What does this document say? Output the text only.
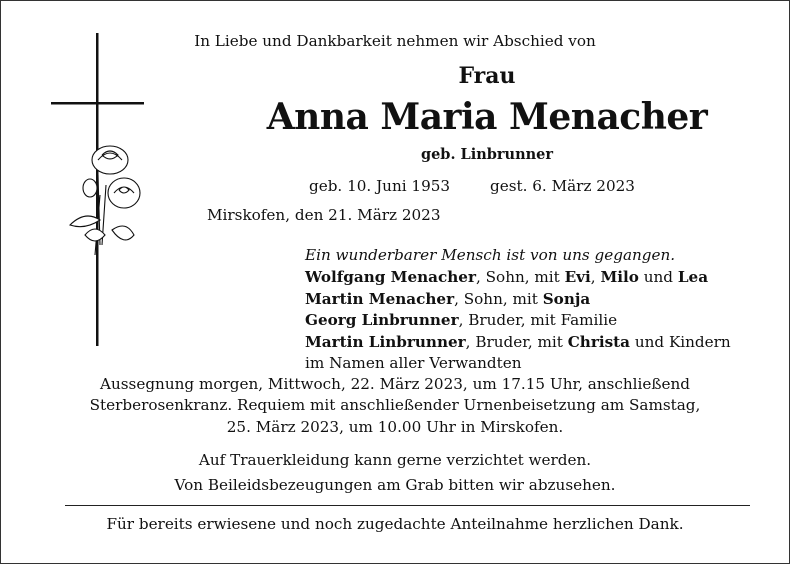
In Liebe und Dankbarkeit nehmen wir Abschied von
Frau
Anna Maria Menacher
geb. Linbrunner
geb. 10. Juni 1953	gest. 6. März 2023
Mirskofen, den 21. März 2023
Ein wunderbarer Mensch ist von uns gegangen.
Wolfgang Menacher, Sohn, mit Evi, Milo und Lea
Martin Menacher, Sohn, mit Sonja
Georg Linbrunner, Bruder, mit Familie
Martin Linbrunner, Bruder, mit Christa und Kindern
im Namen aller Verwandten
Aussegnung morgen, Mittwoch, 22. März 2023, um 17.15 Uhr, anschließend
Sterberosenkranz. Requiem mit anschließender Urnenbeisetzung am Samstag,
25. März 2023, um 10.00 Uhr in Mirskofen.
Auf Trauerkleidung kann gerne verzichtet werden.
Von Beileidsbezeugungen am Grab bitten wir abzusehen.
Für bereits erwiesene und noch zugedachte Anteilnahme herzlichen Dank.
